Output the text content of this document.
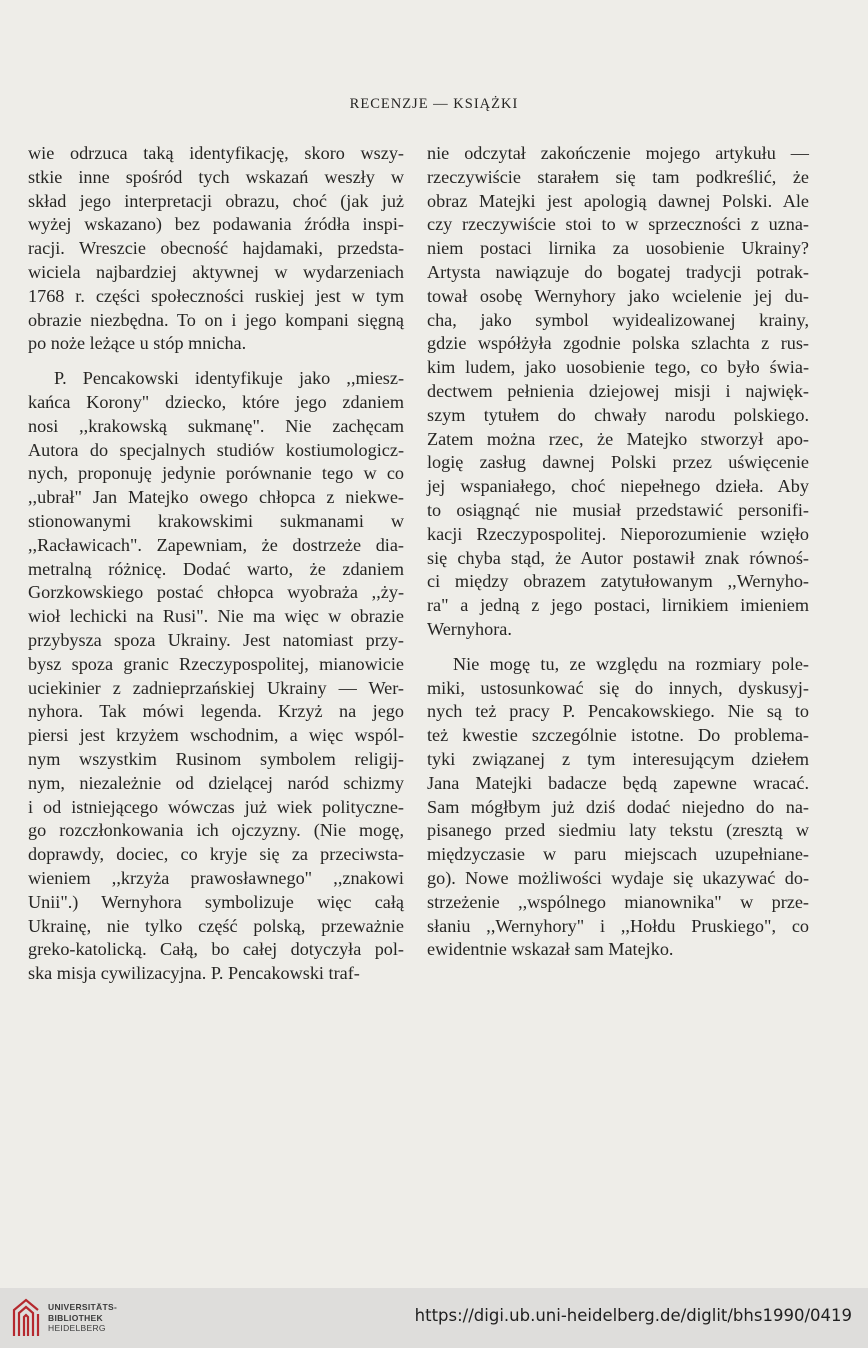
RECENZJE — KSIĄŻKI

wie odrzuca taką identyfikację, skoro wszy-
stkie inne spośród tych wskazań weszły w
skład jego interpretacji obrazu, choć (jak już
wyżej wskazano) bez podawania źródła inspi-
racji. Wreszcie obecność hajdamaki, przedsta-
wiciela najbardziej aktywnej w wydarzeniach
1768 r. części społeczności ruskiej jest w tym
obrazie niezbędna. To on i jego kompani sięgną
po noże leżące u stóp mnicha.

P. Pencakowski identyfikuje jako ,,miesz-
kańca Korony" dziecko, które jego zdaniem
nosi ,,krakowską sukmanę". Nie zachęcam
Autora do specjalnych studiów kostiumologicz-
nych, proponuję jedynie porównanie tego w co
,,ubrał" Jan Matejko owego chłopca z niekwe-
stionowanymi krakowskimi sukmanami w
,,Racławicach". Zapewniam, że dostrzeże dia-
metralną różnicę. Dodać warto, że zdaniem
Gorzkowskiego postać chłopca wyobraża ,,ży-
wioł lechicki na Rusi". Nie ma więc w obrazie
przybysza spoza Ukrainy. Jest natomiast przy-
bysz spoza granic Rzeczypospolitej, mianowicie
uciekinier z zadnieprzańskiej Ukrainy — Wer-
nyhora. Tak mówi legenda. Krzyż na jego
piersi jest krzyżem wschodnim, a więc wspól-
nym wszystkim Rusinom symbolem religij-
nym, niezależnie od dzielącej naród schizmy
i od istniejącego wówczas już wiek polityczne-
go rozczłonkowania ich ojczyzny. (Nie mogę,
doprawdy, dociec, co kryje się za przeciwsta-
wieniem ,,krzyża prawosławnego" ,,znakowi
Unii".) Wernyhora symbolizuje więc całą
Ukrainę, nie tylko część polską, przeważnie
greko-katolicką. Całą, bo całej dotyczyła pol-
ska misja cywilizacyjna. P. Pencakowski traf-

nie odczytał zakończenie mojego artykułu —
rzeczywiście starałem się tam podkreślić, że
obraz Matejki jest apologią dawnej Polski. Ale
czy rzeczywiście stoi to w sprzeczności z uzna-
niem postaci lirnika za uosobienie Ukrainy?
Artysta nawiązuje do bogatej tradycji potrak-
tował osobę Wernyhory jako wcielenie jej du-
cha, jako symbol wyidealizowanej krainy,
gdzie współżyła zgodnie polska szlachta z rus-
kim ludem, jako uosobienie tego, co było świa-
dectwem pełnienia dziejowej misji i najwięk-
szym tytułem do chwały narodu polskiego.
Zatem można rzec, że Matejko stworzył apo-
logię zasług dawnej Polski przez uświęcenie
jej wspaniałego, choć niepełnego dzieła. Aby
to osiągnąć nie musiał przedstawić personifi-
kacji Rzeczypospolitej. Nieporozumienie wzięło
się chyba stąd, że Autor postawił znak równoś-
ci między obrazem zatytułowanym ,,Wernyho-
ra" a jedną z jego postaci, lirnikiem imieniem
Wernyhora.

Nie mogę tu, ze względu na rozmiary pole-
miki, ustosunkować się do innych, dyskusyj-
nych też pracy P. Pencakowskiego. Nie są to
też kwestie szczególnie istotne. Do problema-
tyki związanej z tym interesującym dziełem
Jana Matejki badacze będą zapewne wracać.
Sam mógłbym już dziś dodać niejedno do na-
pisanego przed siedmiu laty tekstu (zresztą w
międzyczasie w paru miejscach uzupełniane-
go). Nowe możliwości wydaje się ukazywać do-
strzeżenie ,,wspólnego mianownika" w prze-
słaniu ,,Wernyhory" i ,,Hołdu Pruskiego", co
ewidentnie wskazał sam Matejko.

UNIVERSITÄTS-
BIBLIOTHEK
HEIDELBERG
https://digi.ub.uni-heidelberg.de/diglit/bhs1990/0419
